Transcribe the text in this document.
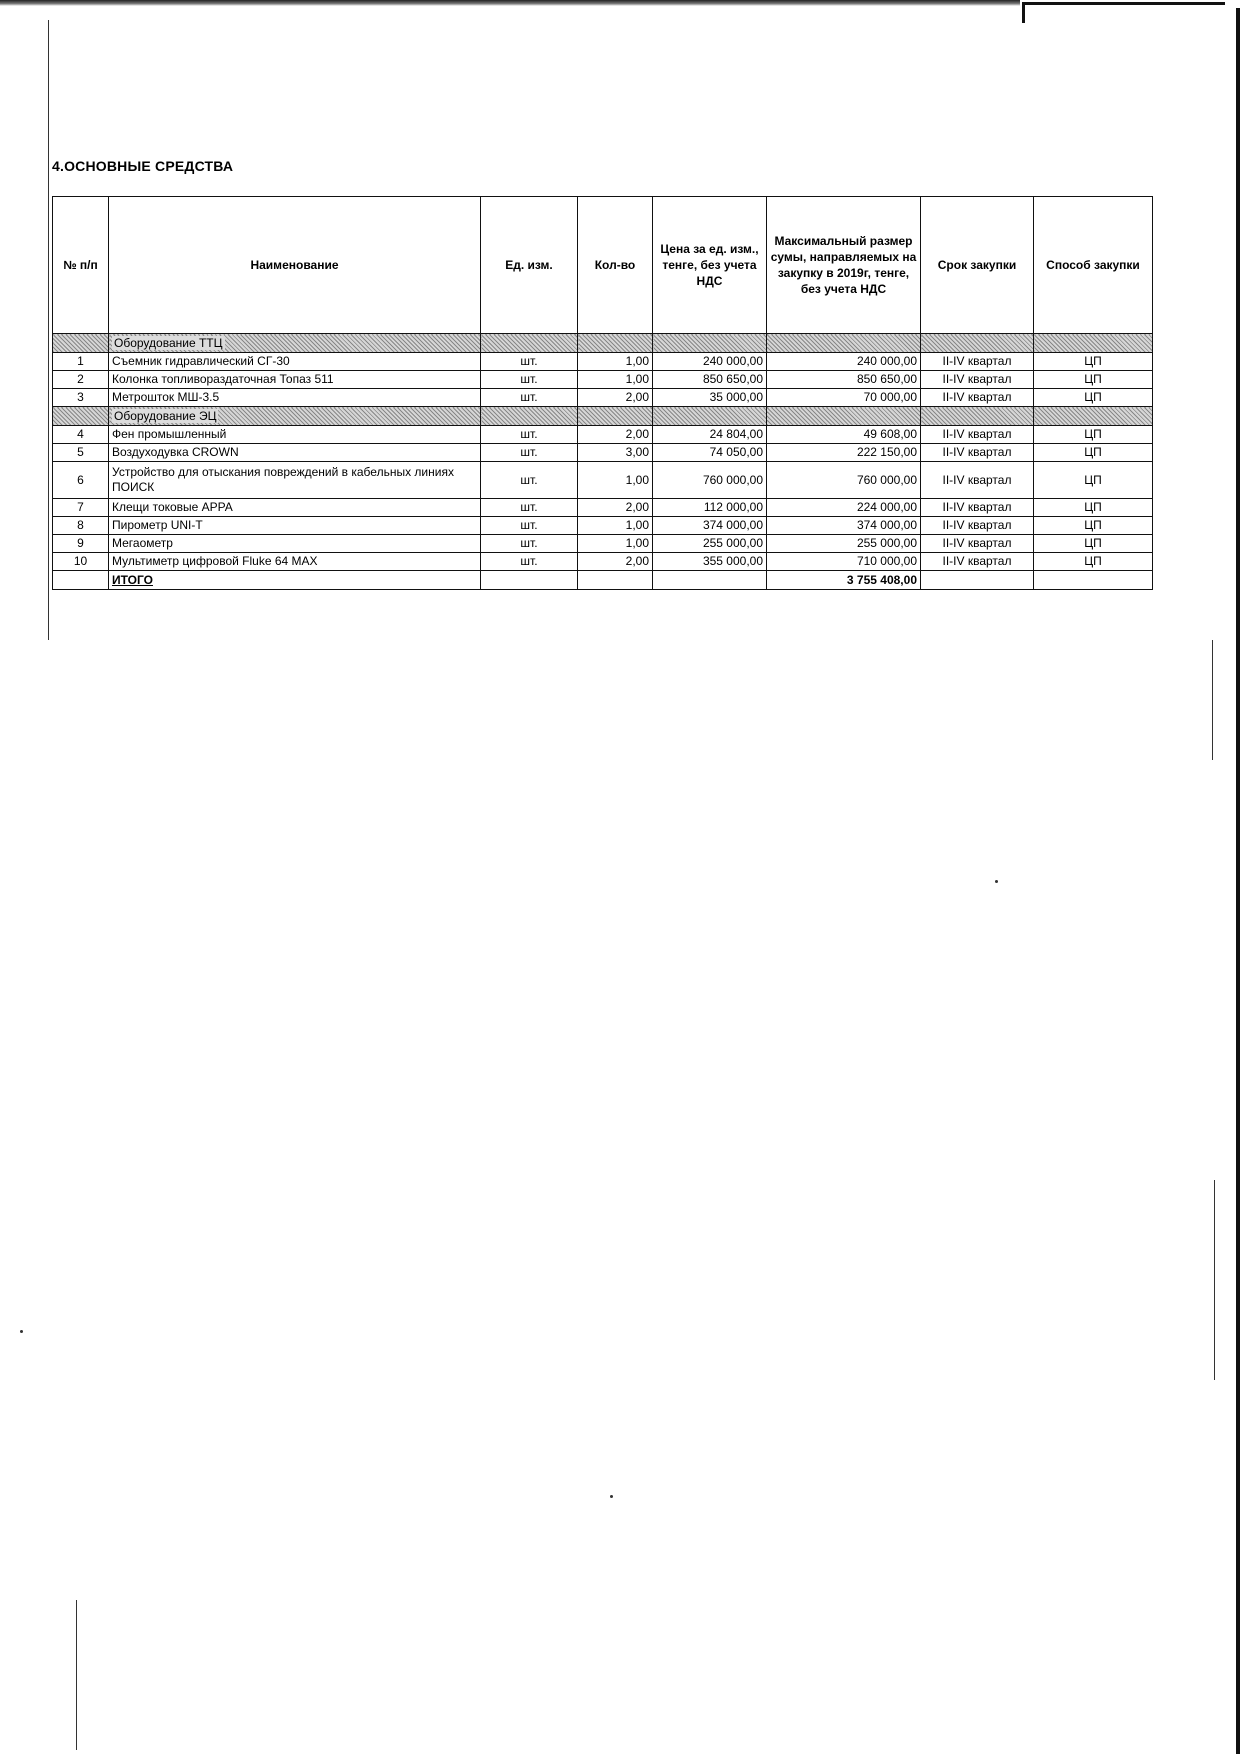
4.ОСНОВНЫЕ СРЕДСТВА
№ п/п	Наименование	Ед. изм.	Кол-во	Цена за ед. изм., тенге, без учета НДС	Максимальный размер сумы, направляемых на закупку в 2019г, тенге, без учета НДС	Срок закупки	Способ закупки
	Оборудование ТТЦ						
1	Съемник гидравлический СГ-30	шт.	1,00	240 000,00	240 000,00	II-IV квартал	ЦП
2	Колонка топливораздаточная Топаз 511	шт.	1,00	850 650,00	850 650,00	II-IV квартал	ЦП
3	Метрошток МШ-3.5	шт.	2,00	35 000,00	70 000,00	II-IV квартал	ЦП
	Оборудование ЭЦ						
4	Фен промышленный	шт.	2,00	24 804,00	49 608,00	II-IV квартал	ЦП
5	Воздуходувка CROWN	шт.	3,00	74 050,00	222 150,00	II-IV квартал	ЦП
6	Устройство для отыскания повреждений в кабельных линиях ПОИСК	шт.	1,00	760 000,00	760 000,00	II-IV квартал	ЦП
7	Клещи токовые APPA	шт.	2,00	112 000,00	224 000,00	II-IV квартал	ЦП
8	Пирометр UNI-T	шт.	1,00	374 000,00	374 000,00	II-IV квартал	ЦП
9	Мегаометр	шт.	1,00	255 000,00	255 000,00	II-IV квартал	ЦП
10	Мультиметр цифровой Fluke 64 MAX	шт.	2,00	355 000,00	710 000,00	II-IV квартал	ЦП
	ИТОГО				3 755 408,00		
